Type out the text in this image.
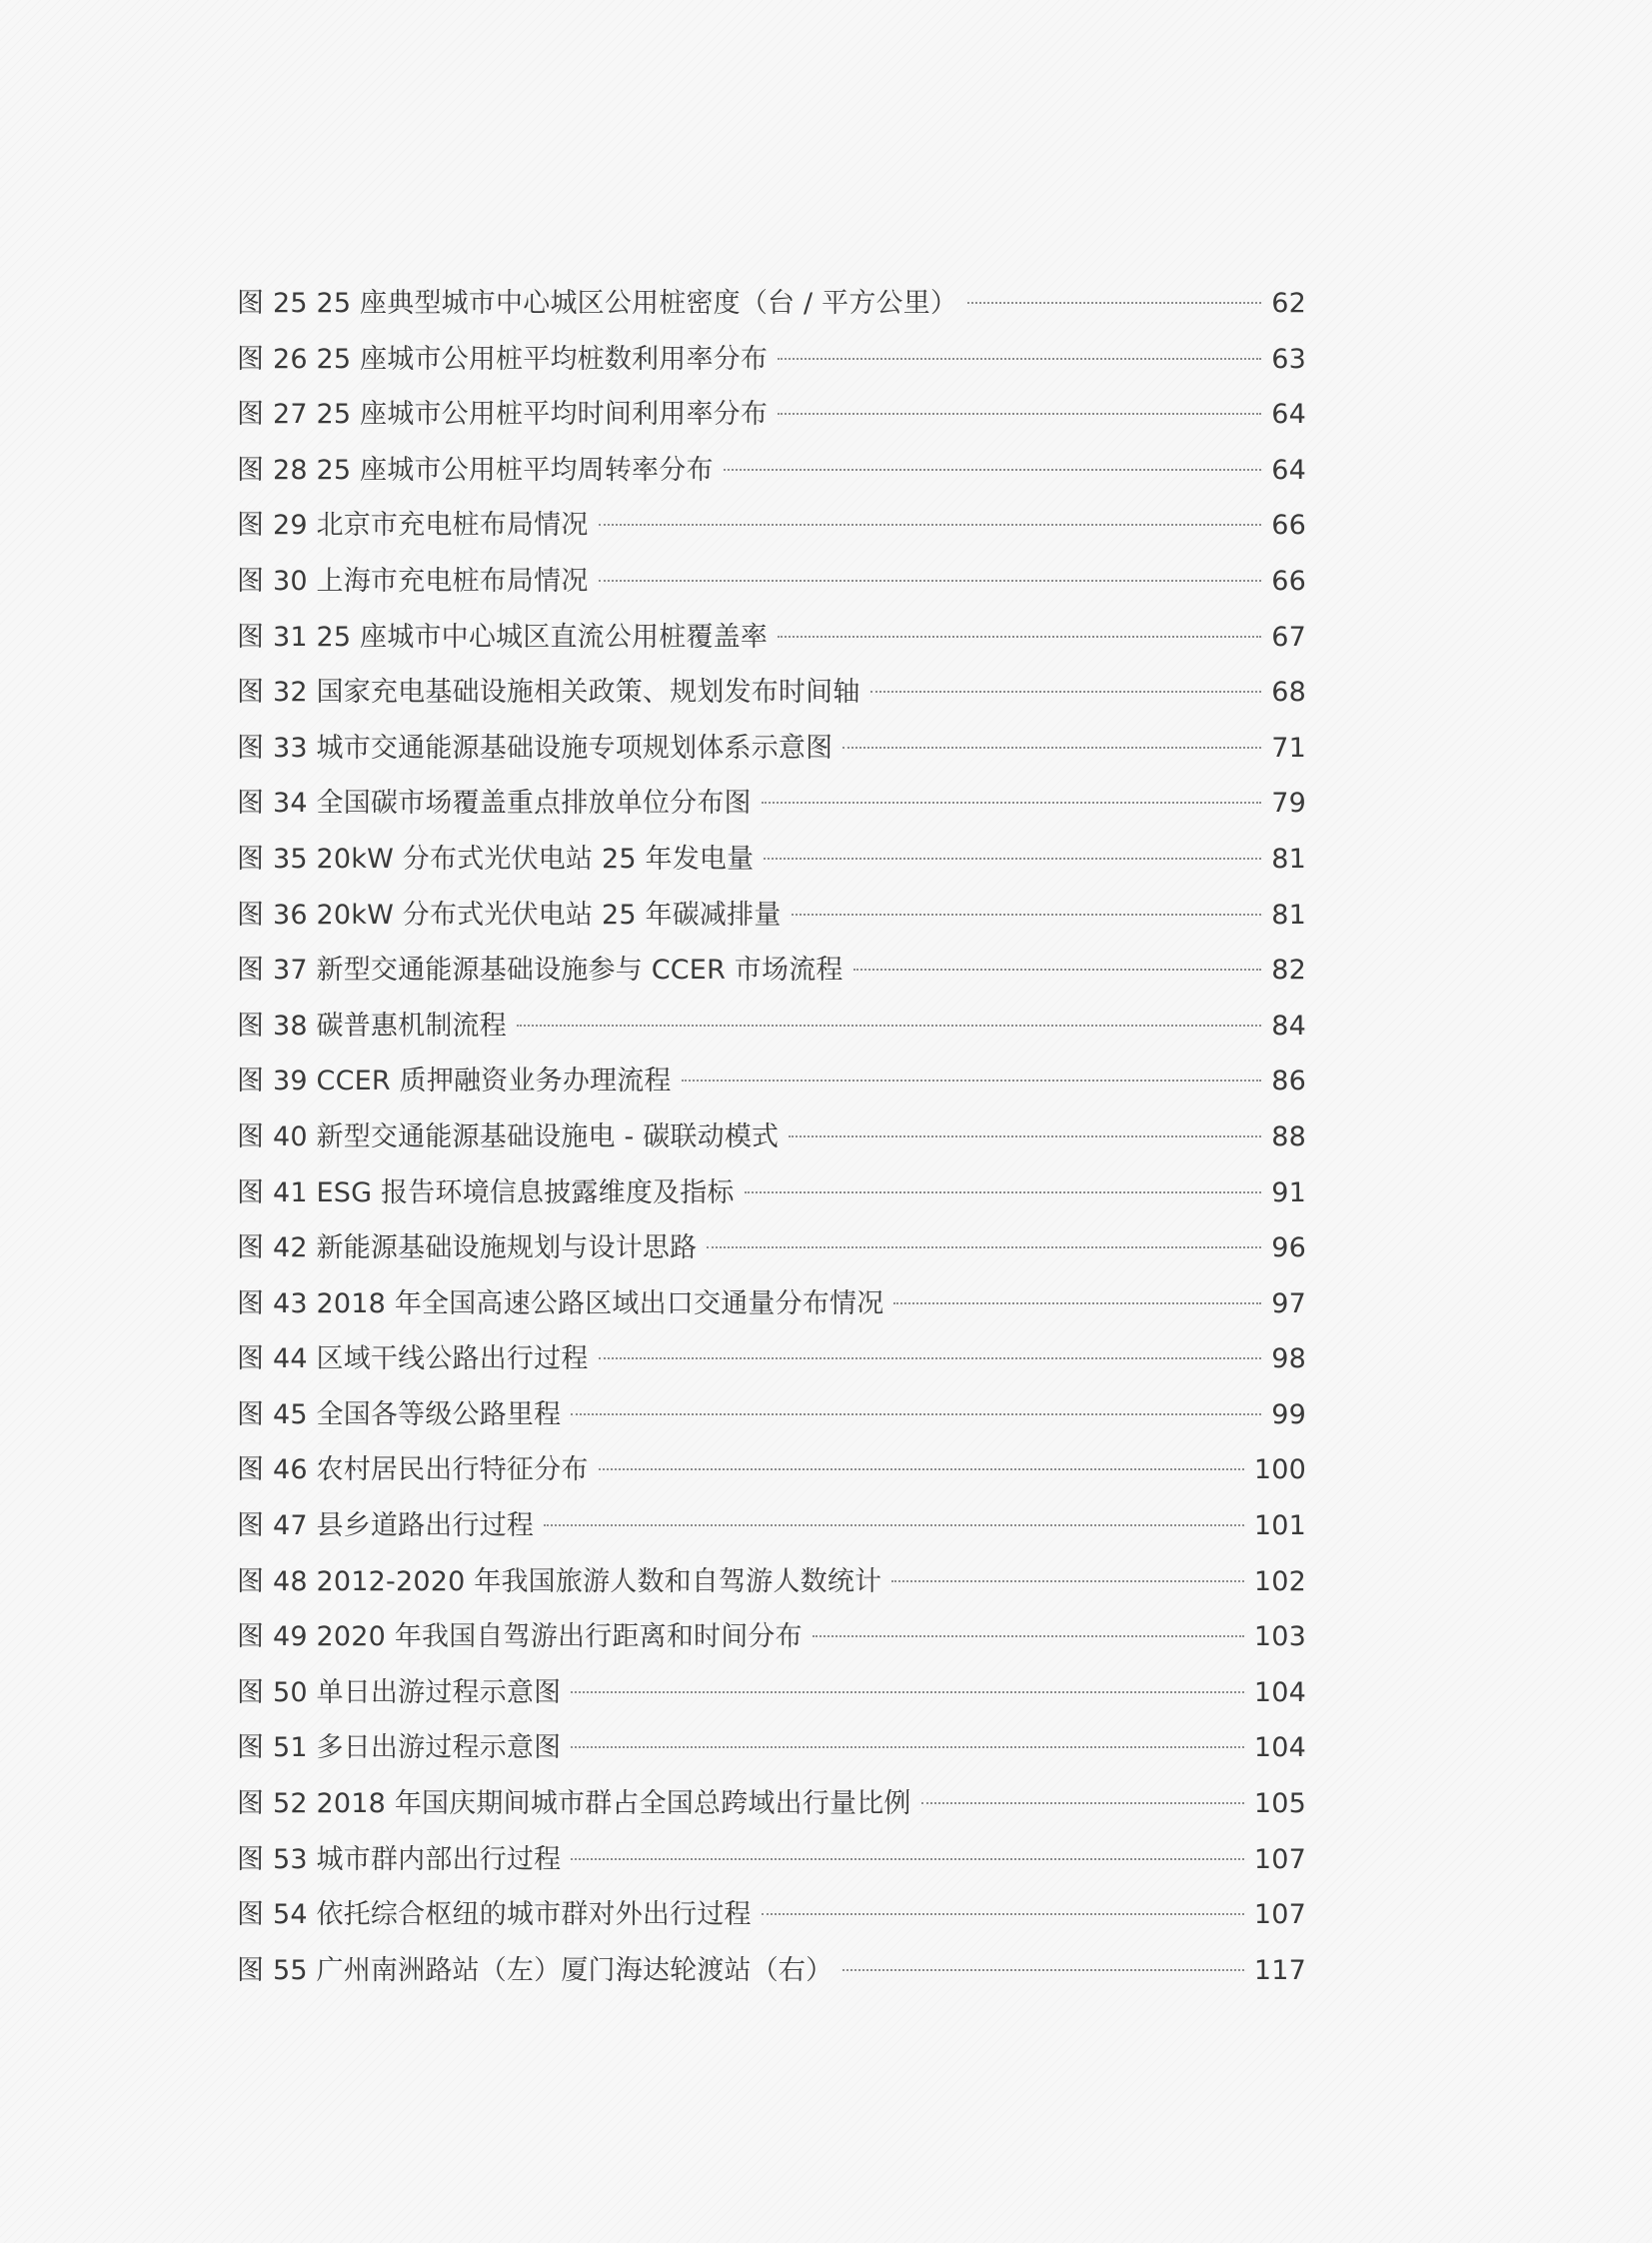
图 25 25 座典型城市中心城区公用桩密度（台 / 平方公里）	62
图 26 25 座城市公用桩平均桩数利用率分布	63
图 27 25 座城市公用桩平均时间利用率分布	64
图 28 25 座城市公用桩平均周转率分布	64
图 29 北京市充电桩布局情况	66
图 30 上海市充电桩布局情况	66
图 31 25 座城市中心城区直流公用桩覆盖率	67
图 32 国家充电基础设施相关政策、规划发布时间轴	68
图 33 城市交通能源基础设施专项规划体系示意图	71
图 34 全国碳市场覆盖重点排放单位分布图	79
图 35 20kW 分布式光伏电站 25 年发电量	81
图 36 20kW 分布式光伏电站 25 年碳减排量	81
图 37 新型交通能源基础设施参与 CCER 市场流程	82
图 38 碳普惠机制流程	84
图 39 CCER 质押融资业务办理流程	86
图 40 新型交通能源基础设施电 - 碳联动模式	88
图 41 ESG 报告环境信息披露维度及指标	91
图 42 新能源基础设施规划与设计思路	96
图 43 2018 年全国高速公路区域出口交通量分布情况	97
图 44 区域干线公路出行过程	98
图 45 全国各等级公路里程	99
图 46 农村居民出行特征分布	100
图 47 县乡道路出行过程	101
图 48 2012-2020 年我国旅游人数和自驾游人数统计	102
图 49 2020 年我国自驾游出行距离和时间分布	103
图 50 单日出游过程示意图	104
图 51 多日出游过程示意图	104
图 52 2018 年国庆期间城市群占全国总跨域出行量比例	105
图 53 城市群内部出行过程	107
图 54 依托综合枢纽的城市群对外出行过程	107
图 55 广州南洲路站（左）厦门海达轮渡站（右）	117
